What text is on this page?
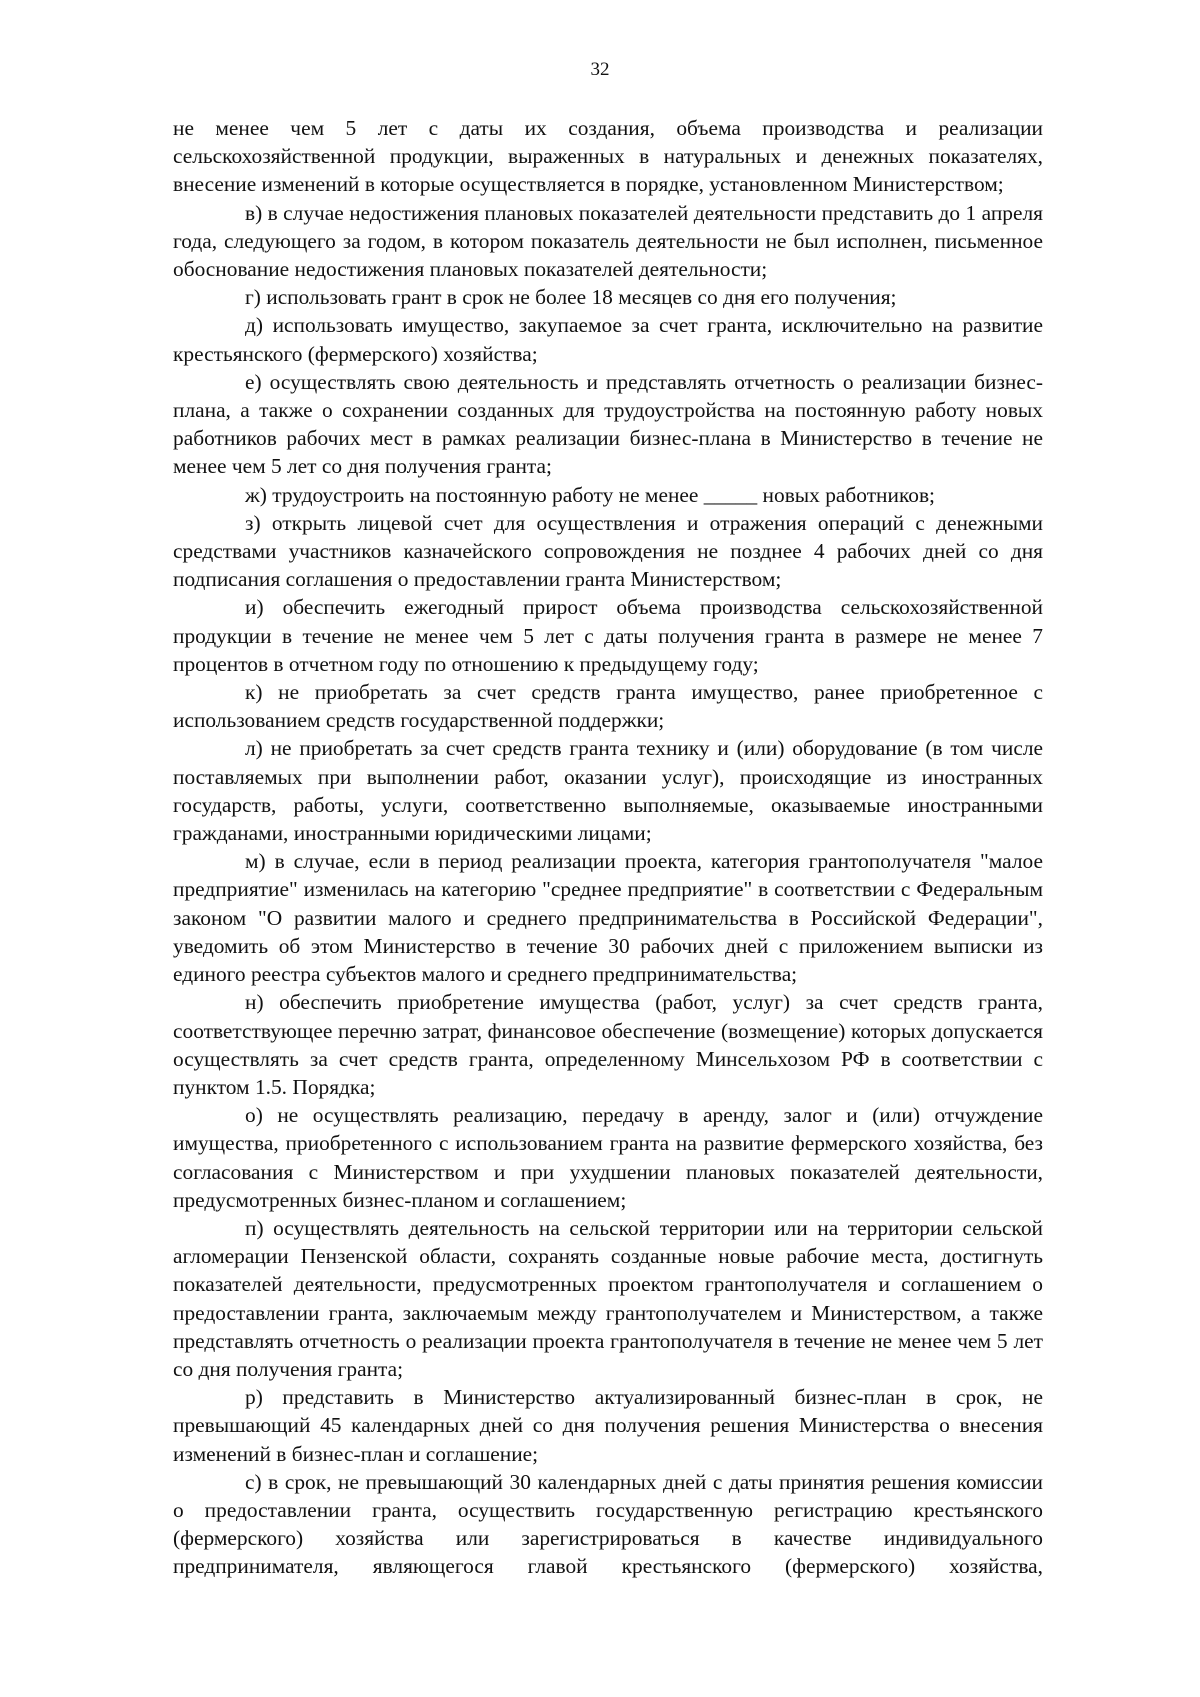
32

не менее чем 5 лет с даты их создания, объема производства и реализации сельскохозяйственной продукции, выраженных в натуральных и денежных показателях, внесение изменений в которые осуществляется в порядке, установленном Министерством;

в) в случае недостижения плановых показателей деятельности представить до 1 апреля года, следующего за годом, в котором показатель деятельности не был исполнен, письменное обоснование недостижения плановых показателей деятельности;

г) использовать грант в срок не более 18 месяцев со дня его получения;

д) использовать имущество, закупаемое за счет гранта, исключительно на развитие крестьянского (фермерского) хозяйства;

е) осуществлять свою деятельность и представлять отчетность о реализации бизнес-плана, а также о сохранении созданных для трудоустройства на постоянную работу новых работников рабочих мест в рамках реализации бизнес-плана в Министерство в течение не менее чем 5 лет со дня получения гранта;

ж) трудоустроить на постоянную работу не менее _____ новых работников;

з) открыть лицевой счет для осуществления и отражения операций с денежными средствами участников казначейского сопровождения не позднее 4 рабочих дней со дня подписания соглашения о предоставлении гранта Министерством;

и) обеспечить ежегодный прирост объема производства сельскохозяйственной продукции в течение не менее чем 5 лет с даты получения гранта в размере не менее 7 процентов в отчетном году по отношению к предыдущему году;

к) не приобретать за счет средств гранта имущество, ранее приобретенное с использованием средств государственной поддержки;

л) не приобретать за счет средств гранта технику и (или) оборудование (в том числе поставляемых при выполнении работ, оказании услуг), происходящие из иностранных государств, работы, услуги, соответственно выполняемые, оказываемые иностранными гражданами, иностранными юридическими лицами;

м) в случае, если в период реализации проекта, категория грантополучателя "малое предприятие" изменилась на категорию "среднее предприятие" в соответствии с Федеральным законом "О развитии малого и среднего предпринимательства в Российской Федерации", уведомить об этом Министерство в течение 30 рабочих дней с приложением выписки из единого реестра субъектов малого и среднего предпринимательства;

н) обеспечить приобретение имущества (работ, услуг) за счет средств гранта, соответствующее перечню затрат, финансовое обеспечение (возмещение) которых допускается осуществлять за счет средств гранта, определенному Минсельхозом РФ в соответствии с пунктом 1.5. Порядка;

о) не осуществлять реализацию, передачу в аренду, залог и (или) отчуждение имущества, приобретенного с использованием гранта на развитие фермерского хозяйства, без согласования с Министерством и при ухудшении плановых показателей деятельности, предусмотренных бизнес-планом и соглашением;

п) осуществлять деятельность на сельской территории или на территории сельской агломерации Пензенской области, сохранять созданные новые рабочие места, достигнуть показателей деятельности, предусмотренных проектом грантополучателя и соглашением о предоставлении гранта, заключаемым между грантополучателем и Министерством, а также представлять отчетность о реализации проекта грантополучателя в течение не менее чем 5 лет со дня получения гранта;

р) представить в Министерство актуализированный бизнес-план в срок, не превышающий 45 календарных дней со дня получения решения Министерства о внесения изменений в бизнес-план и соглашение;

с) в срок, не превышающий 30 календарных дней с даты принятия решения комиссии о предоставлении гранта, осуществить государственную регистрацию крестьянского (фермерского) хозяйства или зарегистрироваться в качестве индивидуального предпринимателя, являющегося главой крестьянского (фермерского) хозяйства,
